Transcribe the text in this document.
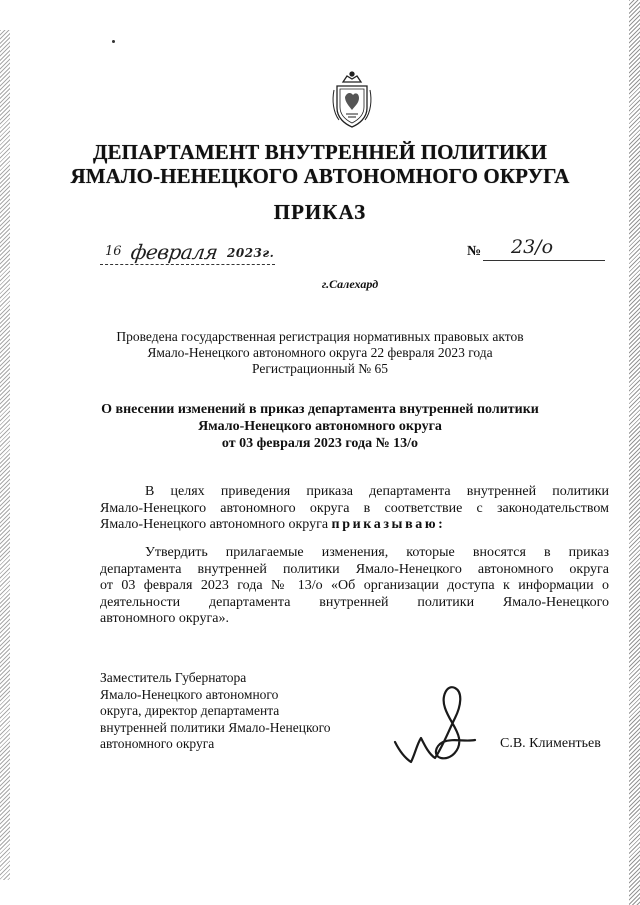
ДЕПАРТАМЕНТ ВНУТРЕННЕЙ ПОЛИТИКИ
ЯМАЛО-НЕНЕЦКОГО АВТОНОМНОГО ОКРУГА
ПРИКАЗ
16 февраля 2023г.	№ 23/о
г.Салехард
Проведена государственная регистрация нормативных правовых актов
Ямало-Ненецкого автономного округа 22 февраля 2023 года
Регистрационный № 65
О внесении изменений в приказ департамента внутренней политики
Ямало-Ненецкого автономного округа
от 03 февраля 2023 года № 13/о
В целях приведения приказа департамента внутренней политики
Ямало-Ненецкого автономного округа в соответствие с законодательством
Ямало-Ненецкого автономного округа приказываю:
Утвердить прилагаемые изменения, которые вносятся в приказ
департамента внутренней политики Ямало-Ненецкого автономного округа
от 03 февраля 2023 года № 13/о «Об организации доступа к информации о
деятельности департамента внутренней политики Ямало-Ненецкого
автономного округа».
Заместитель Губернатора
Ямало-Ненецкого автономного
округа, директор департамента
внутренней политики Ямало-Ненецкого
автономного округа	С.В. Климентьев
